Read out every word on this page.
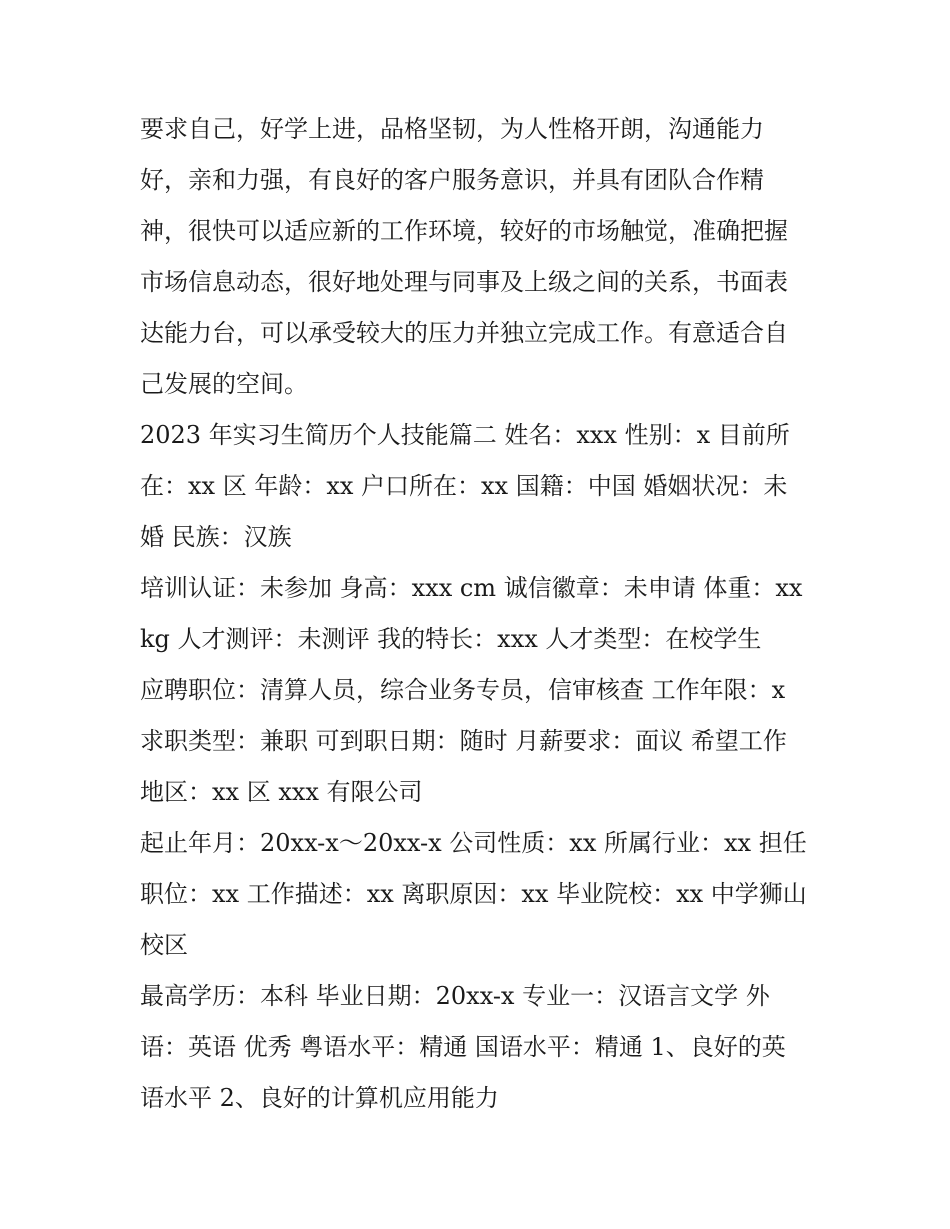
要求自己，好学上进，品格坚韧，为人性格开朗，沟通能力
好，亲和力强，有良好的客户服务意识，并具有团队合作精
神，很快可以适应新的工作环境，较好的市场触觉，准确把握
市场信息动态，很好地处理与同事及上级之间的关系，书面表
达能力台，可以承受较大的压力并独立完成工作。有意适合自
己发展的空间。
2023 年实习生简历个人技能篇二 姓名：xxx 性别：x 目前所
在：xx 区 年龄：xx 户口所在：xx 国籍：中国 婚姻状况：未
婚 民族：汉族
培训认证：未参加 身高：xxx cm 诚信徽章：未申请 体重：xx
kg 人才测评：未测评 我的特长：xxx 人才类型：在校学生
应聘职位：清算人员，综合业务专员，信审核查 工作年限：x
求职类型：兼职 可到职日期：随时 月薪要求：面议 希望工作
地区：xx 区 xxx 有限公司
起止年月：20xx-x～20xx-x 公司性质：xx 所属行业：xx 担任
职位：xx 工作描述：xx 离职原因：xx 毕业院校：xx 中学狮山
校区
最高学历：本科 毕业日期：20xx-x 专业一：汉语言文学 外
语：英语 优秀 粤语水平：精通 国语水平：精通 1、良好的英
语水平 2、良好的计算机应用能力
